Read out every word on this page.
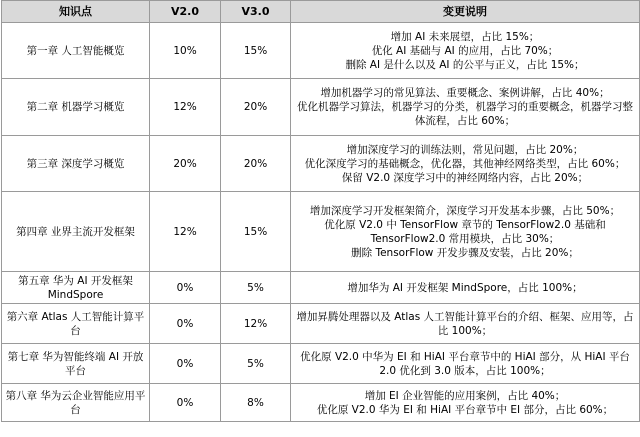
知识点	V2.0	V3.0	变更说明
第一章 人工智能概览	10%	15%	增加 AI 未来展望，占比 15%；
优化 AI 基础与 AI 的应用，占比 70%；
删除 AI 是什么以及 AI 的公平与正义，占比 15%；

第二章 机器学习概览	12%	20%	增加机器学习的常见算法、重要概念、案例讲解，占比 40%；
优化机器学习算法，机器学习的分类，机器学习的重要概念，机器学习整体流程，占比 60%；

第三章 深度学习概览	20%	20%	增加深度学习的训练法则，常见问题，占比 20%；
优化深度学习的基础概念，优化器，其他神经网络类型，占比 60%；
保留 V2.0 深度学习中的神经网络内容，占比 20%；

第四章 业界主流开发框架	12%	15%	增加深度学习开发框架简介，深度学习开发基本步骤，占比 50%；
优化原 V2.0 中 TensorFlow 章节的 TensorFlow2.0 基础和 TensorFlow2.0 常用模块，占比 30%；
删除 TensorFlow 开发步骤及安装，占比 20%；

第五章 华为 AI 开发框架 MindSpore	0%	5%	增加华为 AI 开发框架 MindSpore，占比 100%；

第六章 Atlas 人工智能计算平台	0%	12%	增加昇腾处理器以及 Atlas 人工智能计算平台的介绍、框架、应用等，占比 100%；

第七章 华为智能终端 AI 开放平台	0%	5%	优化原 V2.0 中华为 EI 和 HiAI 平台章节中的 HiAI 部分，从 HiAI 平台 2.0 优化到 3.0 版本，占比 100%；

第八章 华为云企业智能应用平台	0%	8%	增加 EI 企业智能的应用案例，占比 40%；
优化原 V2.0 华为 EI 和 HiAI 平台章节中 EI 部分，占比 60%；
